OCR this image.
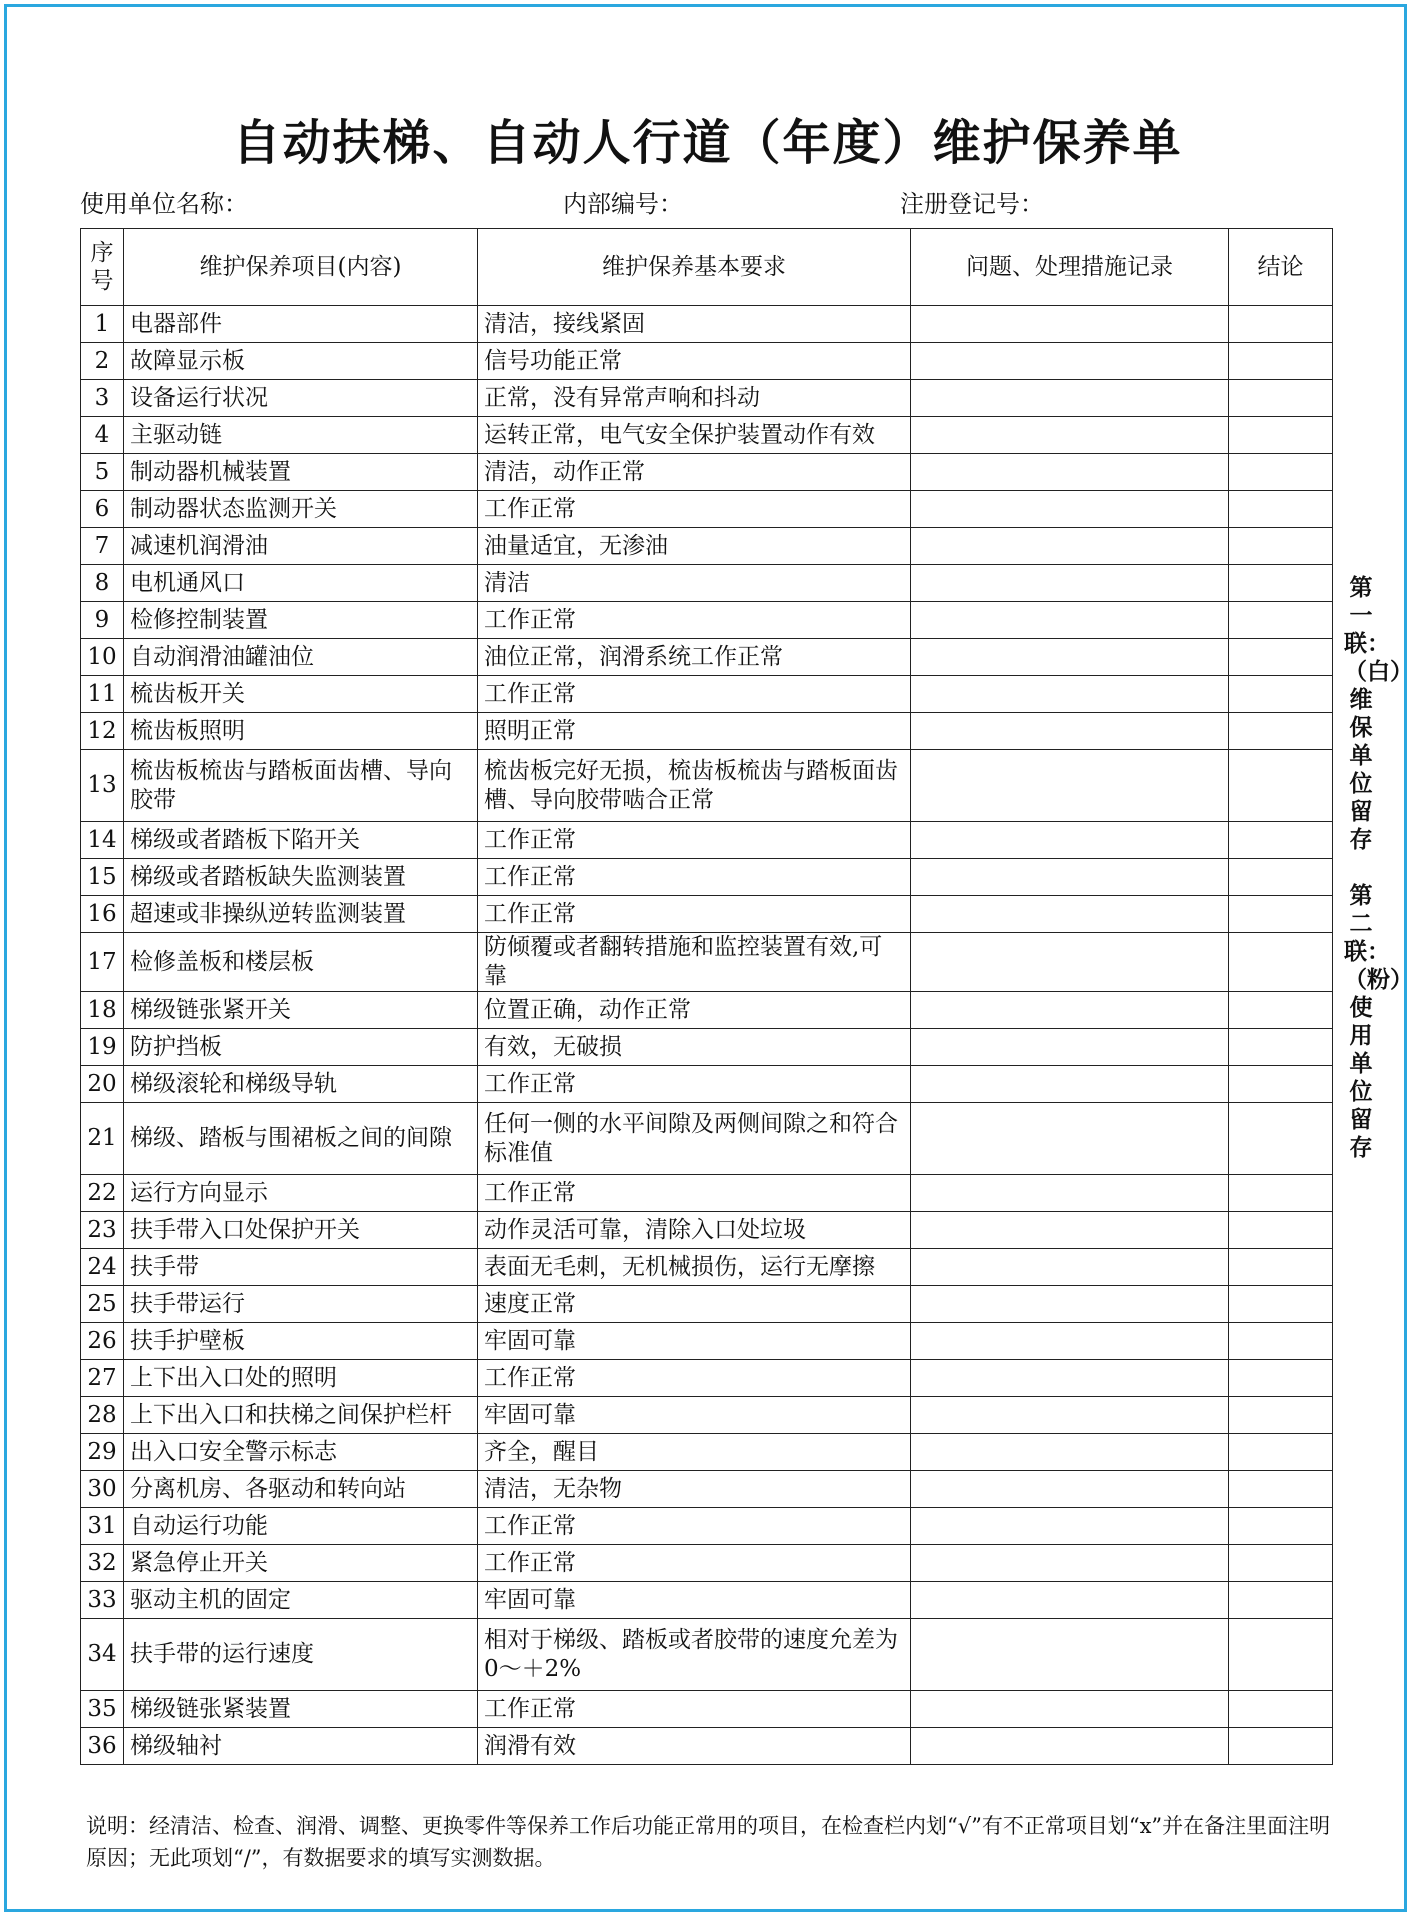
自动扶梯、自动人行道（年度）维护保养单
使用单位名称：	内部编号：	注册登记号：
序号	维护保养项目(内容)	维护保养基本要求	问题、处理措施记录	结论
1	电器部件	清洁，接线紧固		
2	故障显示板	信号功能正常		
3	设备运行状况	正常，没有异常声响和抖动		
4	主驱动链	运转正常，电气安全保护装置动作有效		
5	制动器机械装置	清洁，动作正常		
6	制动器状态监测开关	工作正常		
7	减速机润滑油	油量适宜，无渗油		
8	电机通风口	清洁		
9	检修控制装置	工作正常		
10	自动润滑油罐油位	油位正常，润滑系统工作正常		
11	梳齿板开关	工作正常		
12	梳齿板照明	照明正常		
13	梳齿板梳齿与踏板面齿槽、导向胶带	梳齿板完好无损，梳齿板梳齿与踏板面齿槽、导向胶带啮合正常		
14	梯级或者踏板下陷开关	工作正常		
15	梯级或者踏板缺失监测装置	工作正常		
16	超速或非操纵逆转监测装置	工作正常		
17	检修盖板和楼层板	防倾覆或者翻转措施和监控装置有效,可靠		
18	梯级链张紧开关	位置正确，动作正常		
19	防护挡板	有效，无破损		
20	梯级滚轮和梯级导轨	工作正常		
21	梯级、踏板与围裙板之间的间隙	任何一侧的水平间隙及两侧间隙之和符合标准值		
22	运行方向显示	工作正常		
23	扶手带入口处保护开关	动作灵活可靠，清除入口处垃圾		
24	扶手带	表面无毛刺，无机械损伤，运行无摩擦		
25	扶手带运行	速度正常		
26	扶手护壁板	牢固可靠		
27	上下出入口处的照明	工作正常		
28	上下出入口和扶梯之间保护栏杆	牢固可靠		
29	出入口安全警示标志	齐全，醒目		
30	分离机房、各驱动和转向站	清洁，无杂物		
31	自动运行功能	工作正常		
32	紧急停止开关	工作正常		
33	驱动主机的固定	牢固可靠		
34	扶手带的运行速度	相对于梯级、踏板或者胶带的速度允差为0～＋2%		
35	梯级链张紧装置	工作正常		
36	梯级轴衬	润滑有效		
第一联：（白）维保单位留存
第二联：（粉）使用单位留存
说明：经清洁、检查、润滑、调整、更换零件等保养工作后功能正常用的项目，在检查栏内划“√”有不正常项目划“x”并在备注里面注明原因；无此项划“/”，有数据要求的填写实测数据。
